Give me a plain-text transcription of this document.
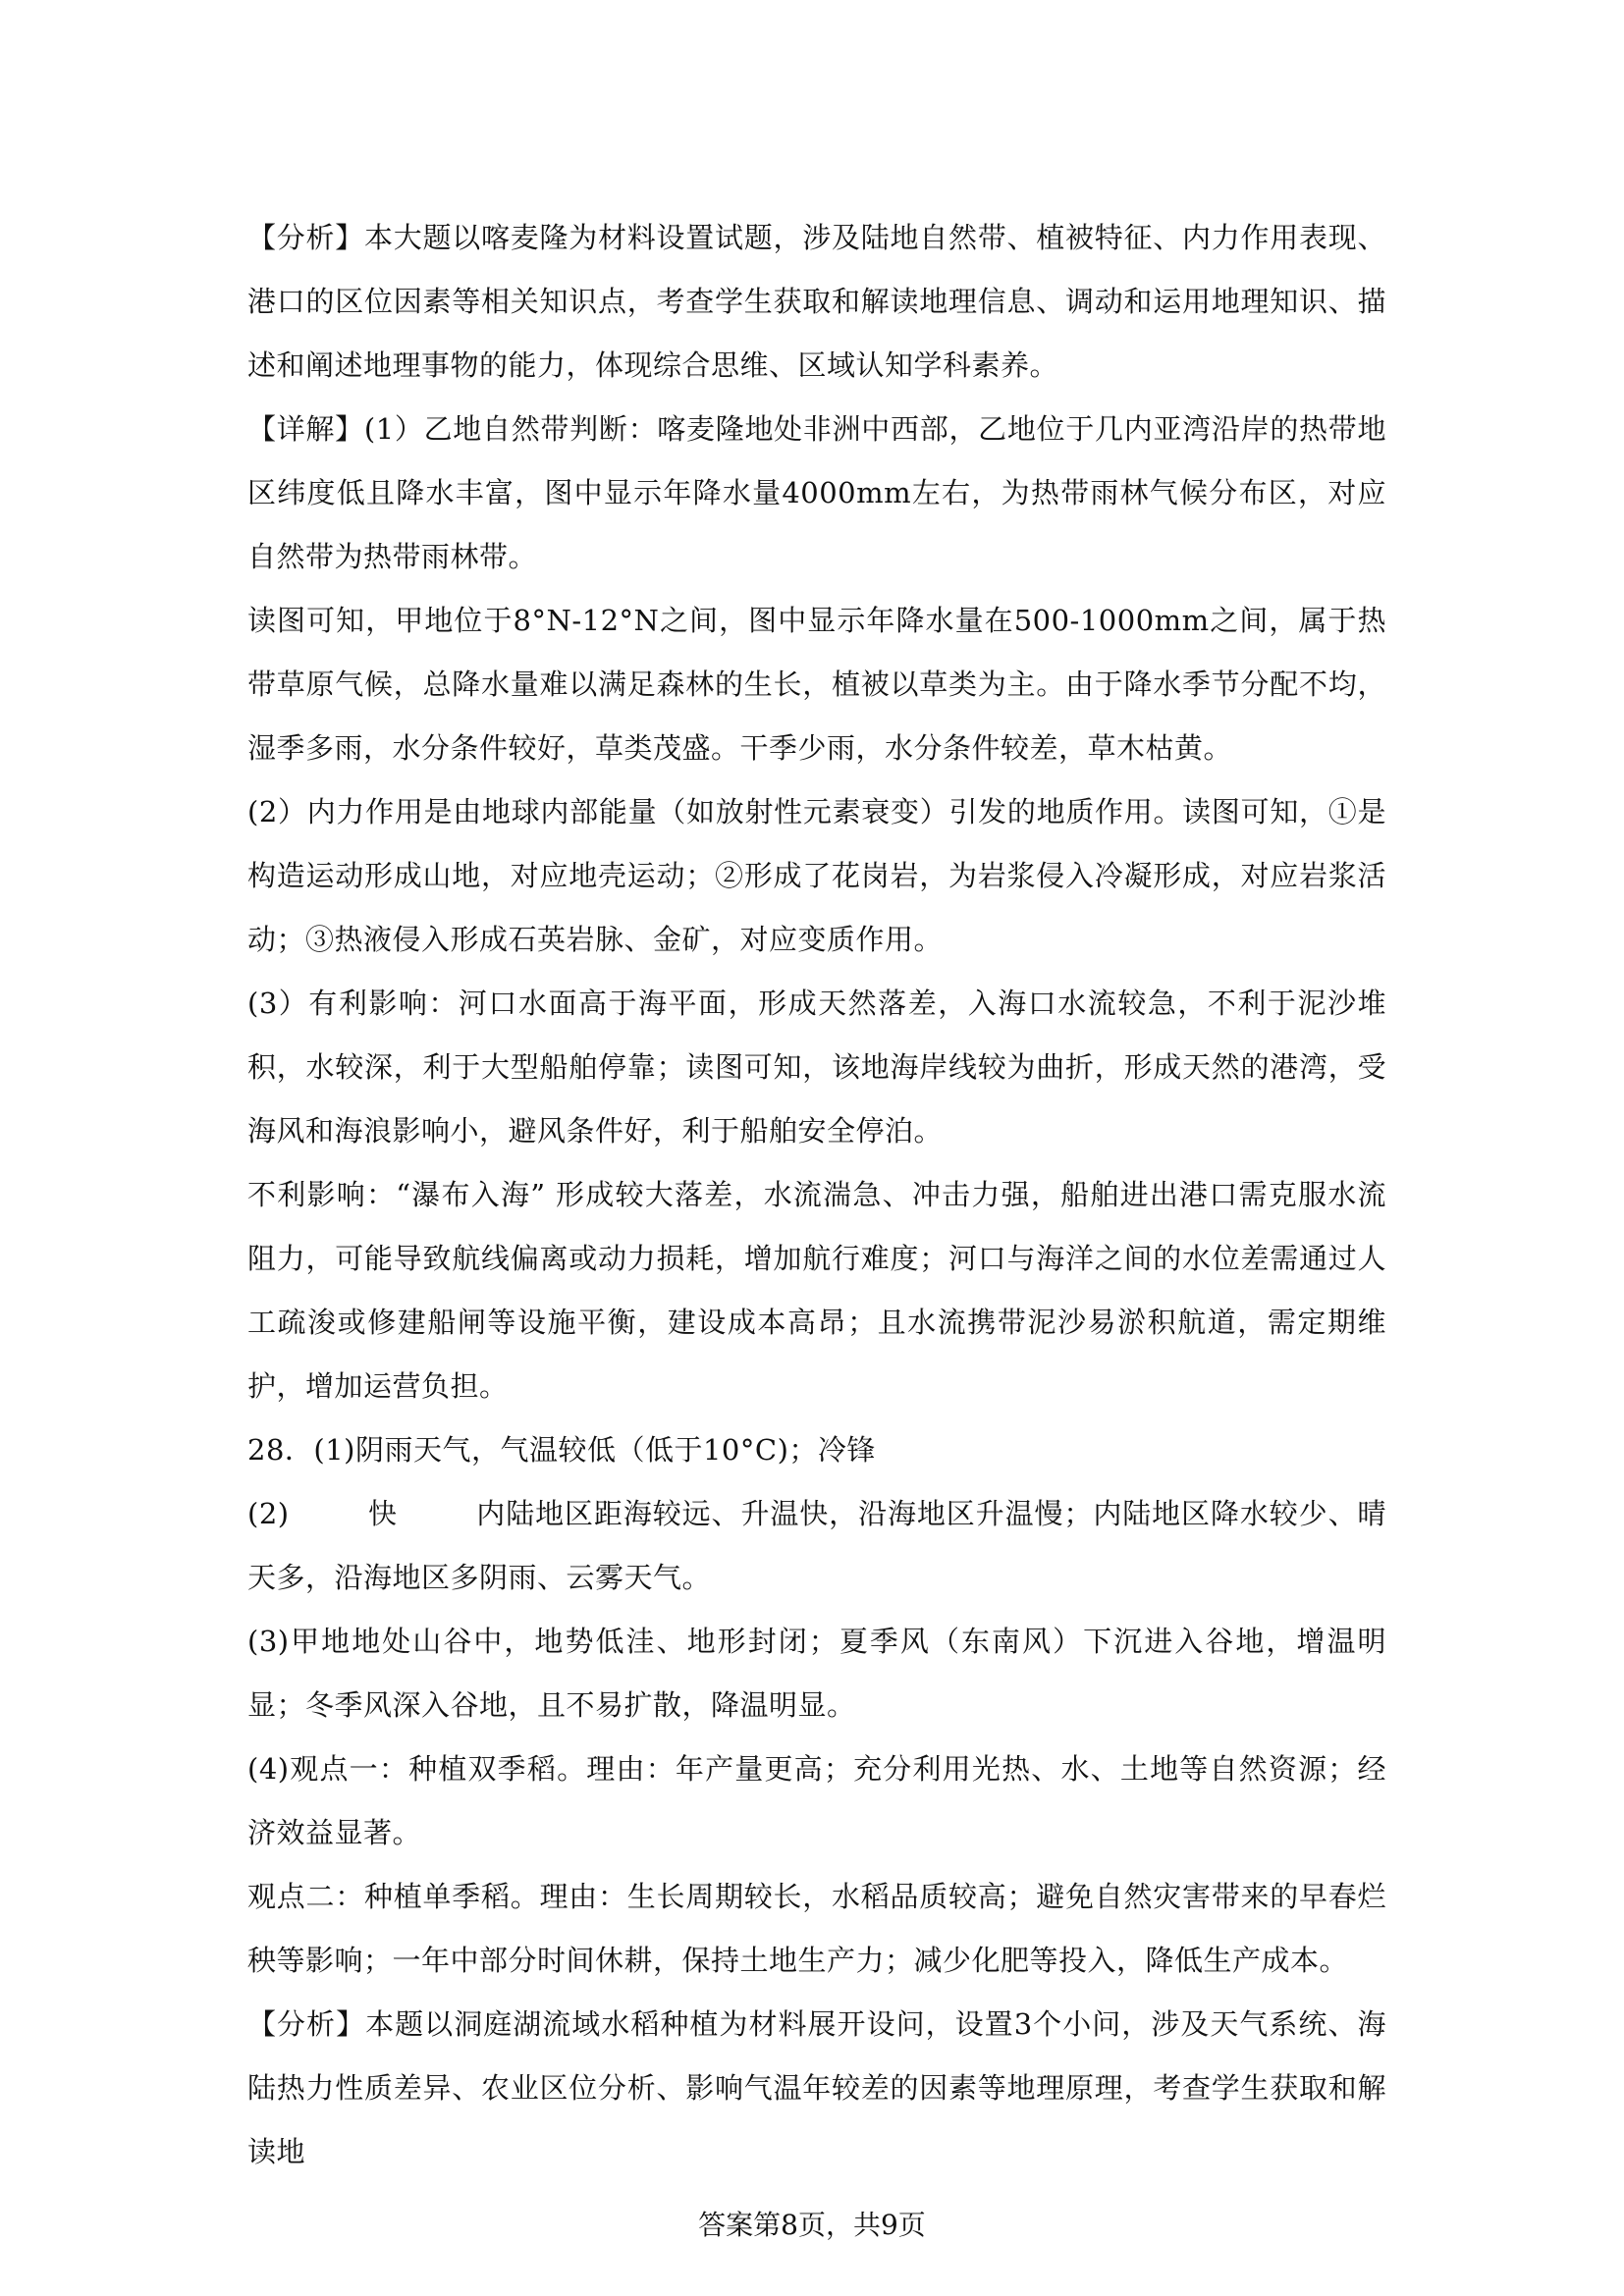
【分析】本大题以喀麦隆为材料设置试题，涉及陆地自然带、植被特征、内力作用表现、港口的区位因素等相关知识点，考查学生获取和解读地理信息、调动和运用地理知识、描述和阐述地理事物的能力，体现综合思维、区域认知学科素养。

【详解】(1）乙地自然带判断：喀麦隆地处非洲中西部，乙地位于几内亚湾沿岸的热带地区纬度低且降水丰富，图中显示年降水量4000mm左右，为热带雨林气候分布区，对应自然带为热带雨林带。

读图可知，甲地位于8°N-12°N之间，图中显示年降水量在500-1000mm之间，属于热带草原气候，总降水量难以满足森林的生长，植被以草类为主。由于降水季节分配不均，湿季多雨，水分条件较好，草类茂盛。干季少雨，水分条件较差，草木枯黄。

(2）内力作用是由地球内部能量（如放射性元素衰变）引发的地质作用。读图可知，①是构造运动形成山地，对应地壳运动；②形成了花岗岩，为岩浆侵入冷凝形成，对应岩浆活动；③热液侵入形成石英岩脉、金矿，对应变质作用。

(3）有利影响：河口水面高于海平面，形成天然落差，入海口水流较急，不利于泥沙堆积，水较深，利于大型船舶停靠；读图可知，该地海岸线较为曲折，形成天然的港湾，受海风和海浪影响小，避风条件好，利于船舶安全停泊。

不利影响：“瀑布入海” 形成较大落差，水流湍急、冲击力强，船舶进出港口需克服水流阻力，可能导致航线偏离或动力损耗，增加航行难度；河口与海洋之间的水位差需通过人工疏浚或修建船闸等设施平衡，建设成本高昂；且水流携带泥沙易淤积航道，需定期维护，增加运营负担。

28．(1)阴雨天气，气温较低（低于10°C)；冷锋

(2)	快	内陆地区距海较远、升温快，沿海地区升温慢；内陆地区降水较少、晴天多，沿海地区多阴雨、云雾天气。

(3)甲地地处山谷中，地势低洼、地形封闭；夏季风（东南风）下沉进入谷地，增温明显；冬季风深入谷地，且不易扩散，降温明显。

(4)观点一：种植双季稻。理由：年产量更高；充分利用光热、水、土地等自然资源；经济效益显著。

观点二：种植单季稻。理由：生长周期较长，水稻品质较高；避免自然灾害带来的早春烂秧等影响；一年中部分时间休耕，保持土地生产力；减少化肥等投入，降低生产成本。

【分析】本题以洞庭湖流域水稻种植为材料展开设问，设置3个小问，涉及天气系统、海陆热力性质差异、农业区位分析、影响气温年较差的因素等地理原理，考查学生获取和解读地

答案第8页，共9页
